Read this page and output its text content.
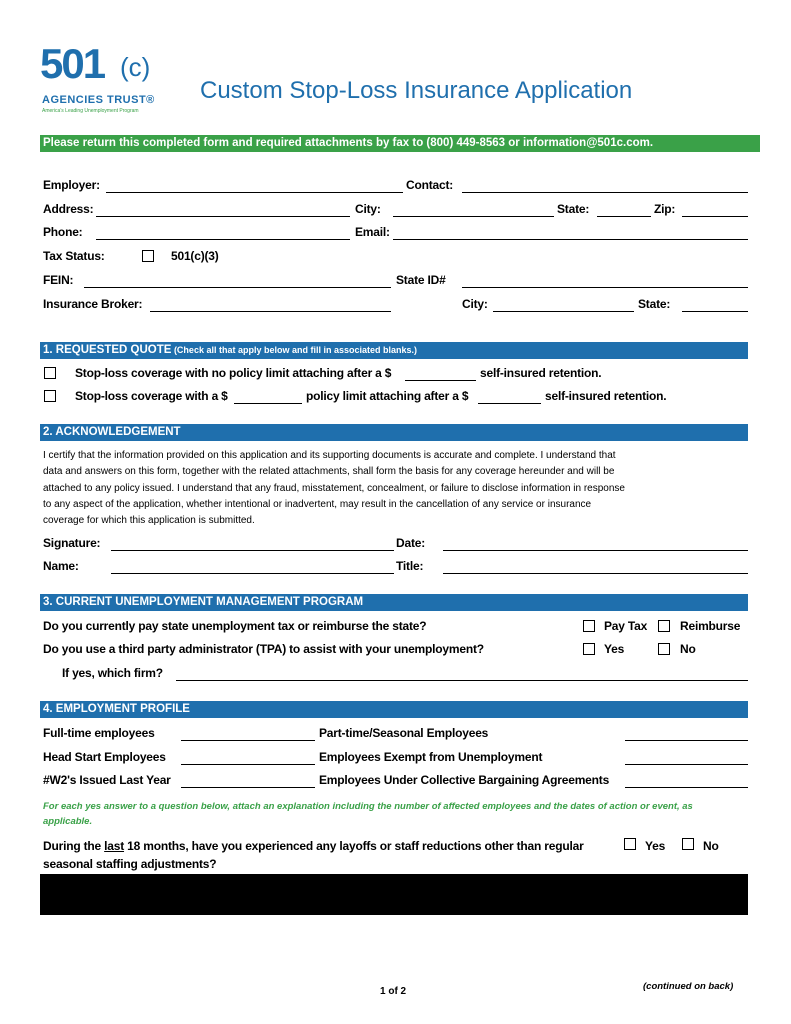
501 (c)
AGENCIES TRUST®
America's Leading Unemployment Program
Custom Stop-Loss Insurance Application
Please return this completed form and required attachments by fax to (800) 449-8563 or information@501c.com.
Employer:	Contact:
Address:	City:	State:	Zip:
Phone:	Email:
Tax Status:	501(c)(3)
FEIN:	State ID#
Insurance Broker:	City:	State:
1. REQUESTED QUOTE (Check all that apply below and fill in associated blanks.)
Stop-loss coverage with no policy limit attaching after a $	self-insured retention.
Stop-loss coverage with a $	policy limit attaching after a $	self-insured retention.
2. ACKNOWLEDGEMENT
I certify that the information provided on this application and its supporting documents is accurate and complete. I understand that
data and answers on this form, together with the related attachments, shall form the basis for any coverage hereunder and will be
attached to any policy issued. I understand that any fraud, misstatement, concealment, or failure to disclose information in response
to any aspect of the application, whether intentional or inadvertent, may result in the cancellation of any service or insurance
coverage for which this application is submitted.
Signature:	Date:
Name:	Title:
3. CURRENT UNEMPLOYMENT MANAGEMENT PROGRAM
Do you currently pay state unemployment tax or reimburse the state?	Pay Tax	Reimburse
Do you use a third party administrator (TPA) to assist with your unemployment?	Yes	No
If yes, which firm?
4. EMPLOYMENT PROFILE
Full-time employees	Part-time/Seasonal Employees
Head Start Employees	Employees Exempt from Unemployment
#W2's Issued Last Year	Employees Under Collective Bargaining Agreements
For each yes answer to a question below, attach an explanation including the number of affected employees and the dates of action or event, as
applicable.
During the last 18 months, have you experienced any layoffs or staff reductions other than regular
seasonal staffing adjustments?
Yes	No
1 of 2	(continued on back)
